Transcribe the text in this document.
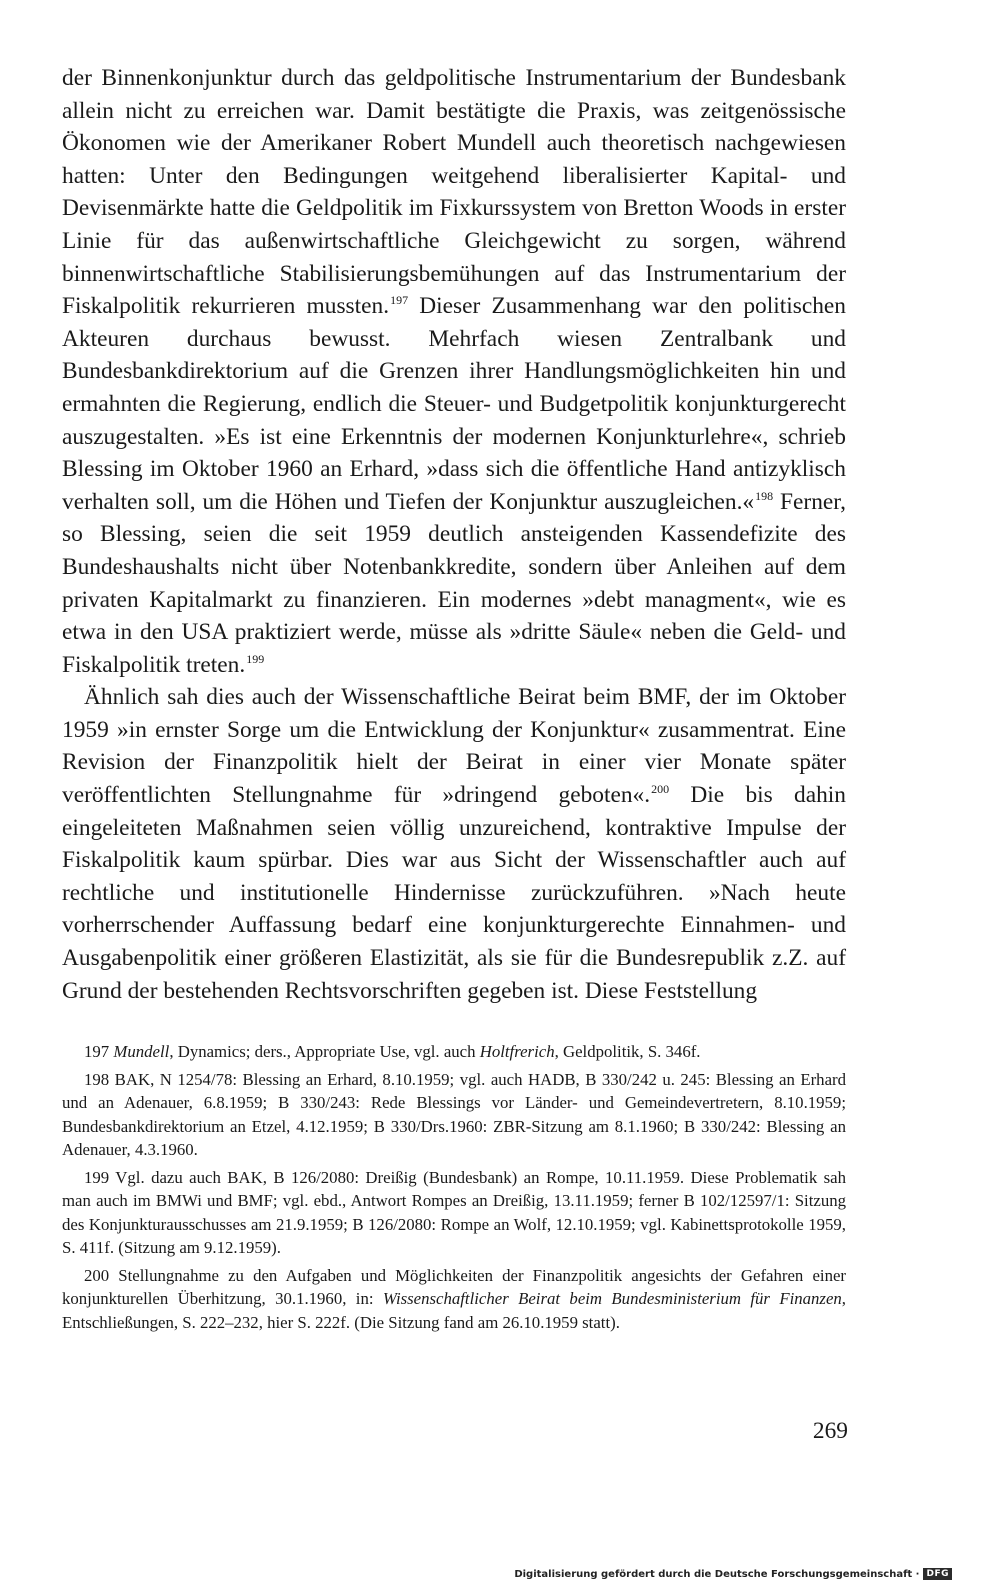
der Binnenkonjunktur durch das geldpolitische Instrumentarium der Bundesbank allein nicht zu erreichen war. Damit bestätigte die Praxis, was zeitgenössische Ökonomen wie der Amerikaner Robert Mundell auch theoretisch nachgewiesen hatten: Unter den Bedingungen weitgehend liberalisierter Kapital- und Devisenmärkte hatte die Geldpolitik im Fixkurssystem von Bretton Woods in erster Linie für das außenwirtschaftliche Gleichgewicht zu sorgen, während binnenwirtschaftliche Stabilisierungsbemühungen auf das Instrumentarium der Fiskalpolitik rekurrieren mussten.$^{197}$ Dieser Zusammenhang war den politischen Akteuren durchaus bewusst. Mehrfach wiesen Zentralbank und Bundesbankdirektorium auf die Grenzen ihrer Handlungsmöglichkeiten hin und ermahnten die Regierung, endlich die Steuer- und Budgetpolitik konjunkturgerecht auszugestalten. »Es ist eine Erkenntnis der modernen Konjunkturlehre«, schrieb Blessing im Oktober 1960 an Erhard, »dass sich die öffentliche Hand antizyklisch verhalten soll, um die Höhen und Tiefen der Konjunktur auszugleichen.«$^{198}$ Ferner, so Blessing, seien die seit 1959 deutlich ansteigenden Kassendefizite des Bundeshaushalts nicht über Notenbankkredite, sondern über Anleihen auf dem privaten Kapitalmarkt zu finanzieren. Ein modernes »debt managment«, wie es etwa in den USA praktiziert werde, müsse als »dritte Säule« neben die Geld- und Fiskalpolitik treten.$^{199}$

Ähnlich sah dies auch der Wissenschaftliche Beirat beim BMF, der im Oktober 1959 »in ernster Sorge um die Entwicklung der Konjunktur« zusammentrat. Eine Revision der Finanzpolitik hielt der Beirat in einer vier Monate später veröffentlichten Stellungnahme für »dringend geboten«.$^{200}$ Die bis dahin eingeleiteten Maßnahmen seien völlig unzureichend, kontraktive Impulse der Fiskalpolitik kaum spürbar. Dies war aus Sicht der Wissenschaftler auch auf rechtliche und institutionelle Hindernisse zurückzuführen. »Nach heute vorherrschender Auffassung bedarf eine konjunkturgerechte Einnahmen- und Ausgabenpolitik einer größeren Elastizität, als sie für die Bundesrepublik z.Z. auf Grund der bestehenden Rechtsvorschriften gegeben ist. Diese Feststellung

197 Mundell, Dynamics; ders., Appropriate Use, vgl. auch Holtfrerich, Geldpolitik, S. 346f.

198 BAK, N 1254/78: Blessing an Erhard, 8.10.1959; vgl. auch HADB, B 330/242 u. 245: Blessing an Erhard und an Adenauer, 6.8.1959; B 330/243: Rede Blessings vor Länder- und Gemeindevertretern, 8.10.1959; Bundesbankdirektorium an Etzel, 4.12.1959; B 330/Drs.1960: ZBR-Sitzung am 8.1.1960; B 330/242: Blessing an Adenauer, 4.3.1960.

199 Vgl. dazu auch BAK, B 126/2080: Dreißig (Bundesbank) an Rompe, 10.11.1959. Diese Problematik sah man auch im BMWi und BMF; vgl. ebd., Antwort Rompes an Dreißig, 13.11.1959; ferner B 102/12597/1: Sitzung des Konjunkturausschusses am 21.9.1959; B 126/2080: Rompe an Wolf, 12.10.1959; vgl. Kabinettsprotokolle 1959, S. 411f. (Sitzung am 9.12.1959).

200 Stellungnahme zu den Aufgaben und Möglichkeiten der Finanzpolitik angesichts der Gefahren einer konjunkturellen Überhitzung, 30.1.1960, in: Wissenschaftlicher Beirat beim Bundesministerium für Finanzen, Entschließungen, S. 222–232, hier S. 222f. (Die Sitzung fand am 26.10.1959 statt).

269
Digitalisierung gefördert durch die Deutsche Forschungsgemeinschaft · DFG
